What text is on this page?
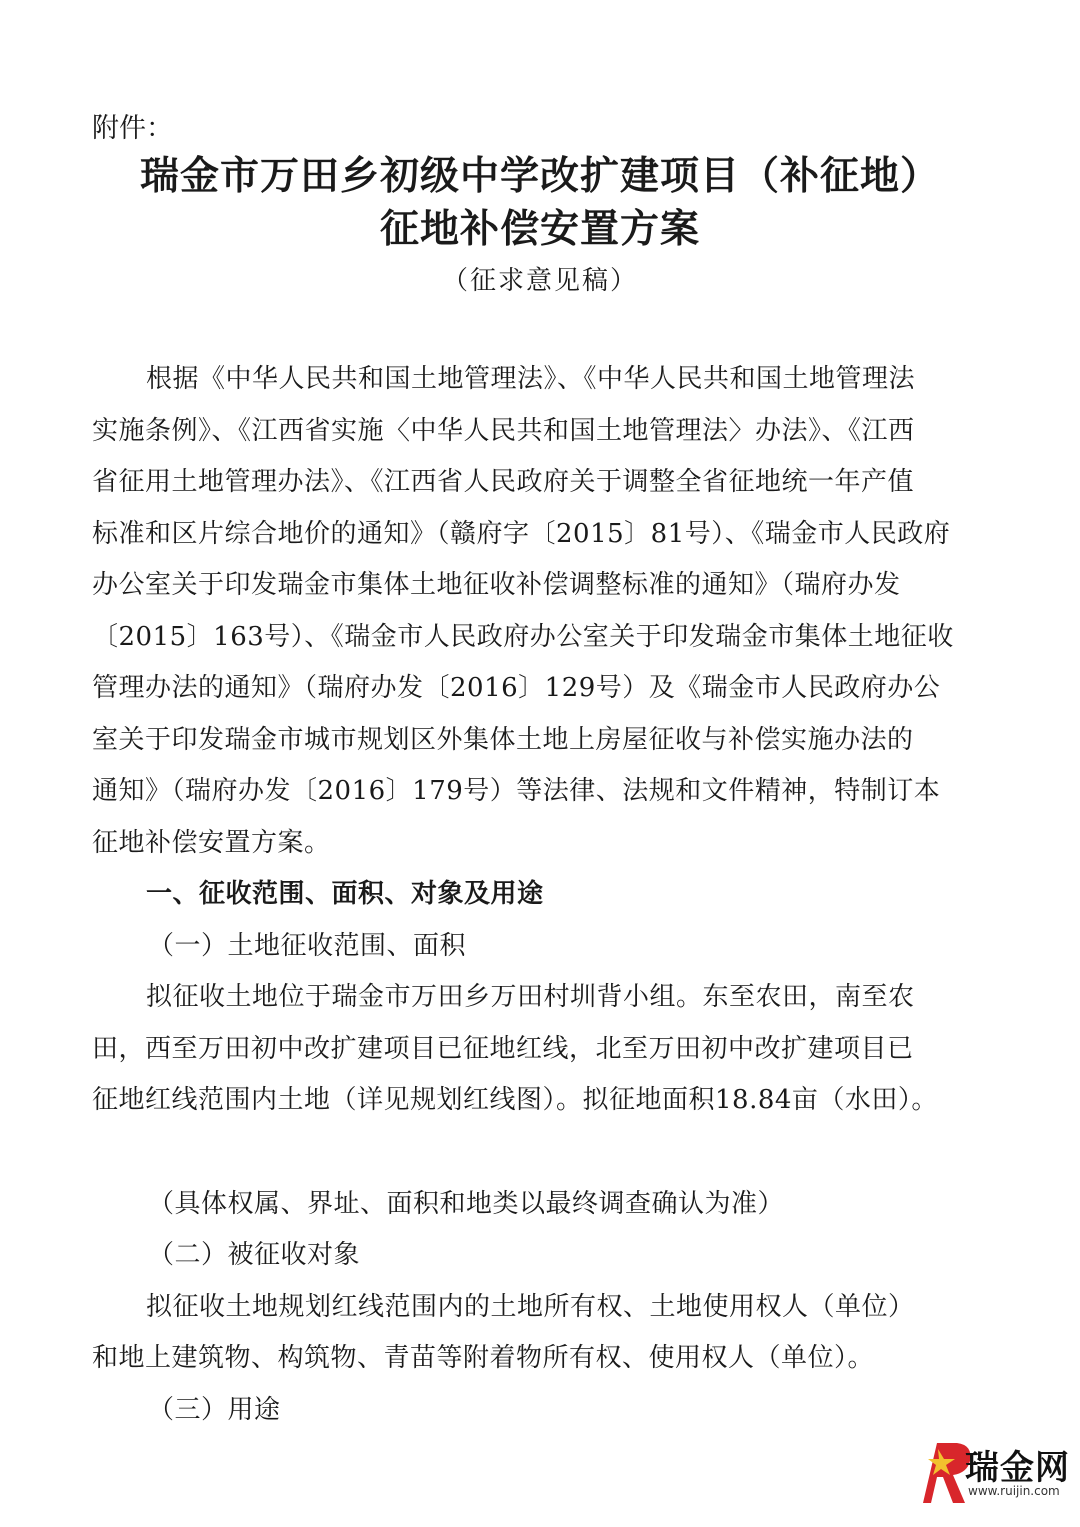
附件：
瑞金市万田乡初级中学改扩建项目（补征地）
征地补偿安置方案
（征求意见稿）
根据《中华人民共和国土地管理法》、《中华人民共和国土地管理法
实施条例》、《江西省实施〈中华人民共和国土地管理法〉办法》、《江西
省征用土地管理办法》、《江西省人民政府关于调整全省征地统一年产值
标准和区片综合地价的通知》（赣府字〔2015〕81号）、《瑞金市人民政府
办公室关于印发瑞金市集体土地征收补偿调整标准的通知》（瑞府办发
〔2015〕163号）、《瑞金市人民政府办公室关于印发瑞金市集体土地征收
管理办法的通知》（瑞府办发〔2016〕129号）及《瑞金市人民政府办公
室关于印发瑞金市城市规划区外集体土地上房屋征收与补偿实施办法的
通知》（瑞府办发〔2016〕179号）等法律、法规和文件精神，特制订本
征地补偿安置方案。
一、征收范围、面积、对象及用途
（一）土地征收范围、面积
拟征收土地位于瑞金市万田乡万田村圳背小组。东至农田，南至农
田，西至万田初中改扩建项目已征地红线，北至万田初中改扩建项目已
征地红线范围内土地（详见规划红线图）。拟征地面积18.84亩（水田）。
（具体权属、界址、面积和地类以最终调查确认为准）
（二）被征收对象
拟征收土地规划红线范围内的土地所有权、土地使用权人（单位）
和地上建筑物、构筑物、青苗等附着物所有权、使用权人（单位）。
（三）用途
瑞金网
www.ruijin.com
